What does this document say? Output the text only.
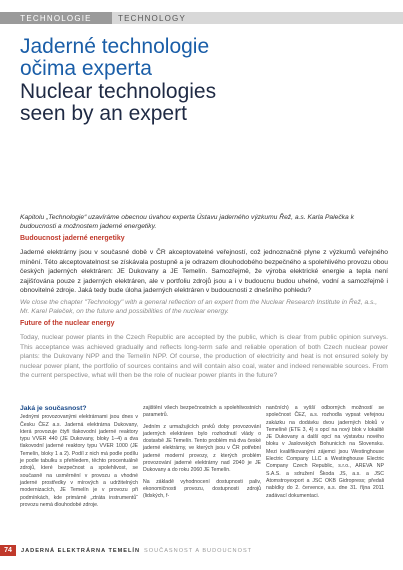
TECHNOLOGIE	TECHNOLOGY
Jaderné technologie
očima experta
Nuclear technologies
seen by an expert
Kapitolu „Technologie“ uzavíráme obecnou úvahou experta Ústavu jaderného výzkumu Řež, a.s. Karla Palečka k budoucnosti a možnostem jaderné energetiky.
Budoucnost jaderné energetiky
Jaderné elektrárny jsou v současné době v ČR akceptovatelné veřejností, což jednoznačně plyne z výzkumů veřejného mínění. Této akceptovatelnost se získávala postupně a je odrazem dlouhodobého bezpečného a spolehlivého provozu obou českých jaderných elektráren: JE Dukovany a JE Temelín. Samozřejmě, že výroba elektrické energie a tepla není zajišťována pouze z jaderných elektráren, ale v portfoliu zdrojů jsou a i v budoucnu budou uhelné, vodní a samozřejmě i obnovitelné zdroje. Jaká tedy bude úloha jaderných elektráren v budoucnosti z dnešního pohledu?
We close the chapter "Technology" with a general reflection of an expert from the Nuclear Research Institute in Řež, a.s., Mr. Karel Paleček, on the future and possibilities of the nuclear energy.
Future of the nuclear energy
Today, nuclear power plants in the Czech Republic are accepted by the public, which is clear from public opinion surveys. This acceptance was achieved gradually and reflects long-term safe and reliable operation of both Czech nuclear power plants: the Dukovany NPP and the Temelín NPP. Of course, the production of electricity and heat is not ensured solely by nuclear power plant, the portfolio of sources contains and will contain also coal, water and indeed renewable sources. From the current perspective, what will then be the role of nuclear power plants in the future?
Jaká je současnost?

Jednými provozovanými elektrárnami jsou dnes v Česku ČEZ a.s. Jaderná elektrárna Dukovany, která provozuje čtyři tlakovodní jaderné reaktory typu VVER 440 (JE Dukovany, bloky 1–4) a dva tlakovodní jaderné reaktory typu VVER 1000 (JE Temelín, bloky 1 a 2). Podíl z nich má podle podílu je podle tabulku s přehledem, těchto procentuálně zdrojů, které bezpečnost a spolehlivost, se současně na usměrnění v provozu a vhodné jaderné prostředky v mírových a udržitelných modernizacích, JE Temelín je v provozu při podmínkách, kde primárně „ztráta instrumentů“ provozu nemá dlouhodobé zdroje.

zajištění všech bezpečnostních a spolehlivostních parametrů.

Jedním z urmažujících prvků doby provozování jaderných elektráren bylo rozhodnutí vlády o dostavbě JE Temelín. Tento problém má dva české jaderné elektrárny, ve kterých jsou v ČR potřební jaderné moderní provozy, z kterých problém provozování jaderné elektrárny nad 2040 je JE Dukovany a do roku 2060 JE Temelín.

Na základě vyhodnocení dostupnosti paliv, ekonomičnosti provozu, dostupnosti zdrojů (lidských, f-

nančních) a vyšší odborných možností se společnost ČEZ, a.s. rozhodla vypsat veřejnou zakázku na dodávku dvou jaderných bloků v Temelíně (ETE 3, 4) s opcí na nový blok v lokalitě JE Dukovany a další opcí na výstavbu nového bloku v Jaslovských Bohunicích na Slovensku. Mezi kvalifikovanými zájemci jsou Westinghouse Electric Company LLC a Westinghouse Electric Company Czech Republic, s.r.o., AREVA NP S.A.S. a sdružení Škoda JS, a.s. a JSC Atomstroyexport a JSC OKB Gidropress; předali nabídky do 2. července, a.s. dne 31. října 2011 zadávací dokumentaci.

74	JADERNÁ ELEKTRÁRNA TEMELÍN SOUČASNOST A BUDOUCNOST
